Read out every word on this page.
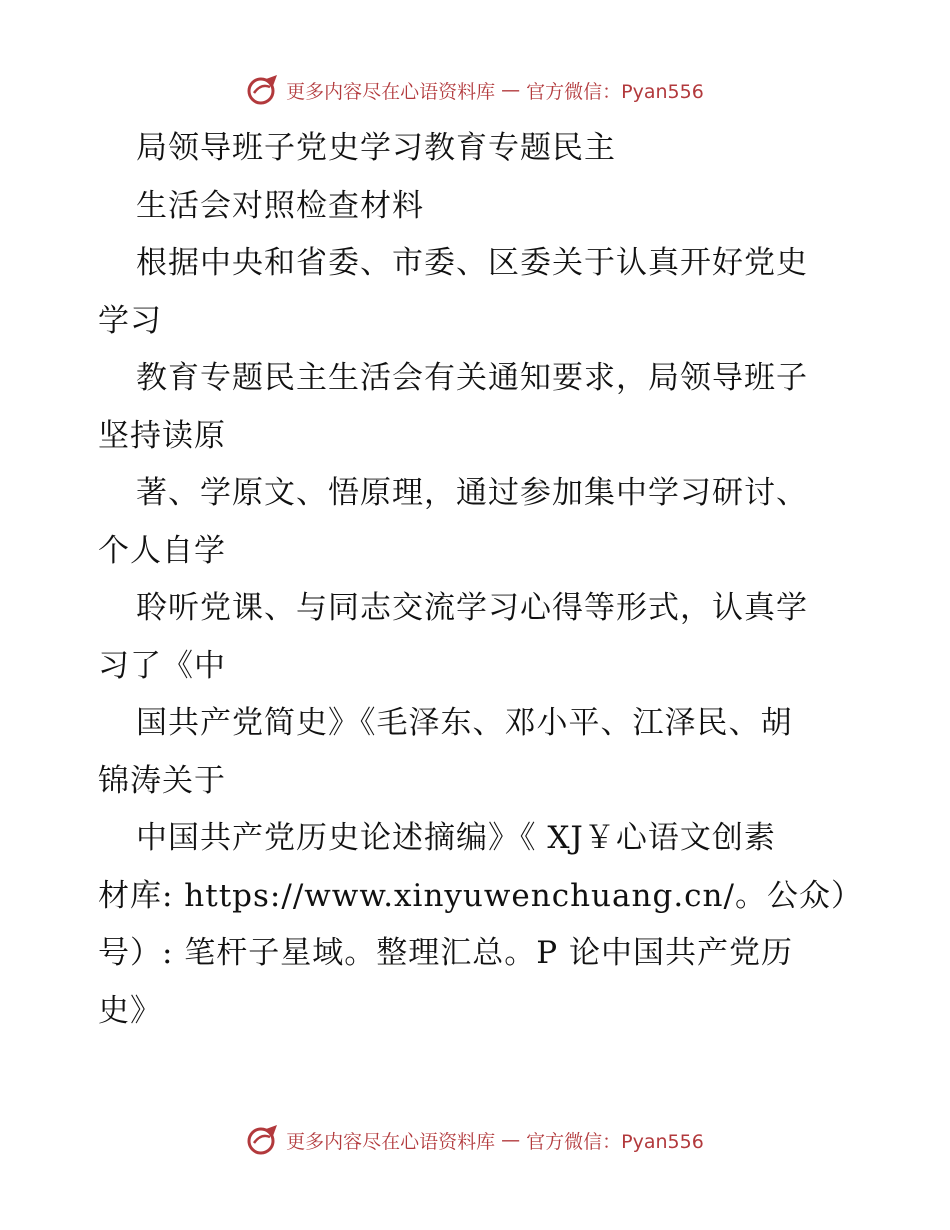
更多内容尽在心语资料库 — 官方微信：Pyan556
局领导班子党史学习教育专题民主
生活会对照检查材料
根据中央和省委、市委、区委关于认真开好党史
学习
教育专题民主生活会有关通知要求，局领导班子
坚持读原
著、学原文、悟原理，通过参加集中学习研讨、
个人自学
聆听党课、与同志交流学习心得等形式，认真学
习了《中
国共产党简史》《毛泽东、邓小平、江泽民、胡
锦涛关于
中国共产党历史论述摘编》《 XJ￥心语文创素
材库: https://www.xinyuwenchuang.cn/。公众）
号）: 笔杆子星域。整理汇总。P 论中国共产党历
史》
更多内容尽在心语资料库 — 官方微信：Pyan556
